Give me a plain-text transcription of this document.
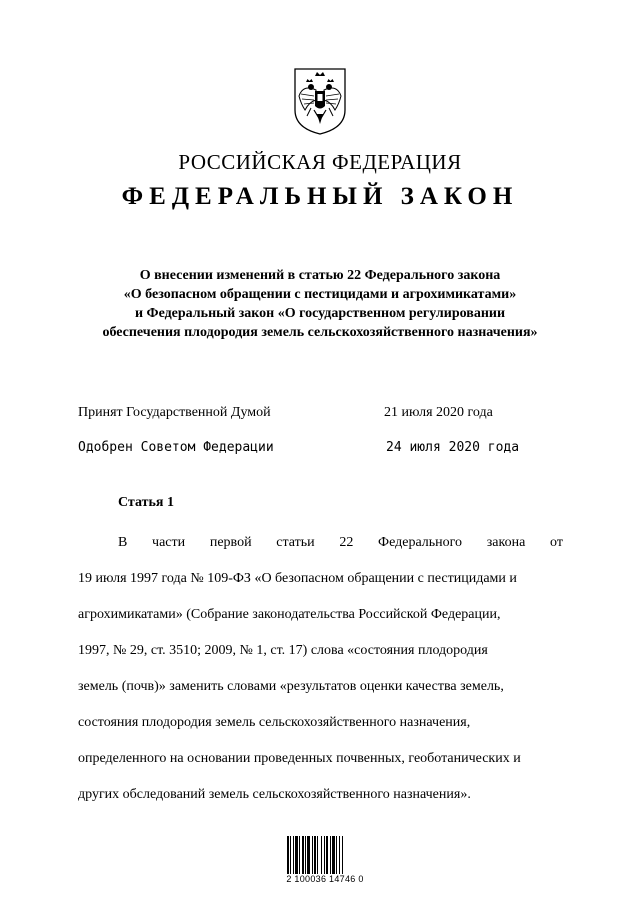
РОССИЙСКАЯ ФЕДЕРАЦИЯ
ФЕДЕРАЛЬНЫЙ ЗАКОН
О внесении изменений в статью 22 Федерального закона
«О безопасном обращении с пестицидами и агрохимикатами»
и Федеральный закон «О государственном регулировании
обеспечения плодородия земель сельскохозяйственного назначения»
Принят Государственной Думой	21 июля 2020 года
Одобрен Советом Федерации	24 июля 2020 года
Статья 1
В части первой статьи 22 Федерального закона от
19 июля 1997 года № 109-ФЗ «О безопасном обращении с пестицидами и
агрохимикатами» (Собрание законодательства Российской Федерации,
1997, № 29, ст. 3510; 2009, № 1, ст. 17) слова «состояния плодородия
земель (почв)» заменить словами «результатов оценки качества земель,
состояния плодородия земель сельскохозяйственного назначения,
определенного на основании проведенных почвенных, геоботанических и
других обследований земель сельскохозяйственного назначения».
2 100036 14746 0
